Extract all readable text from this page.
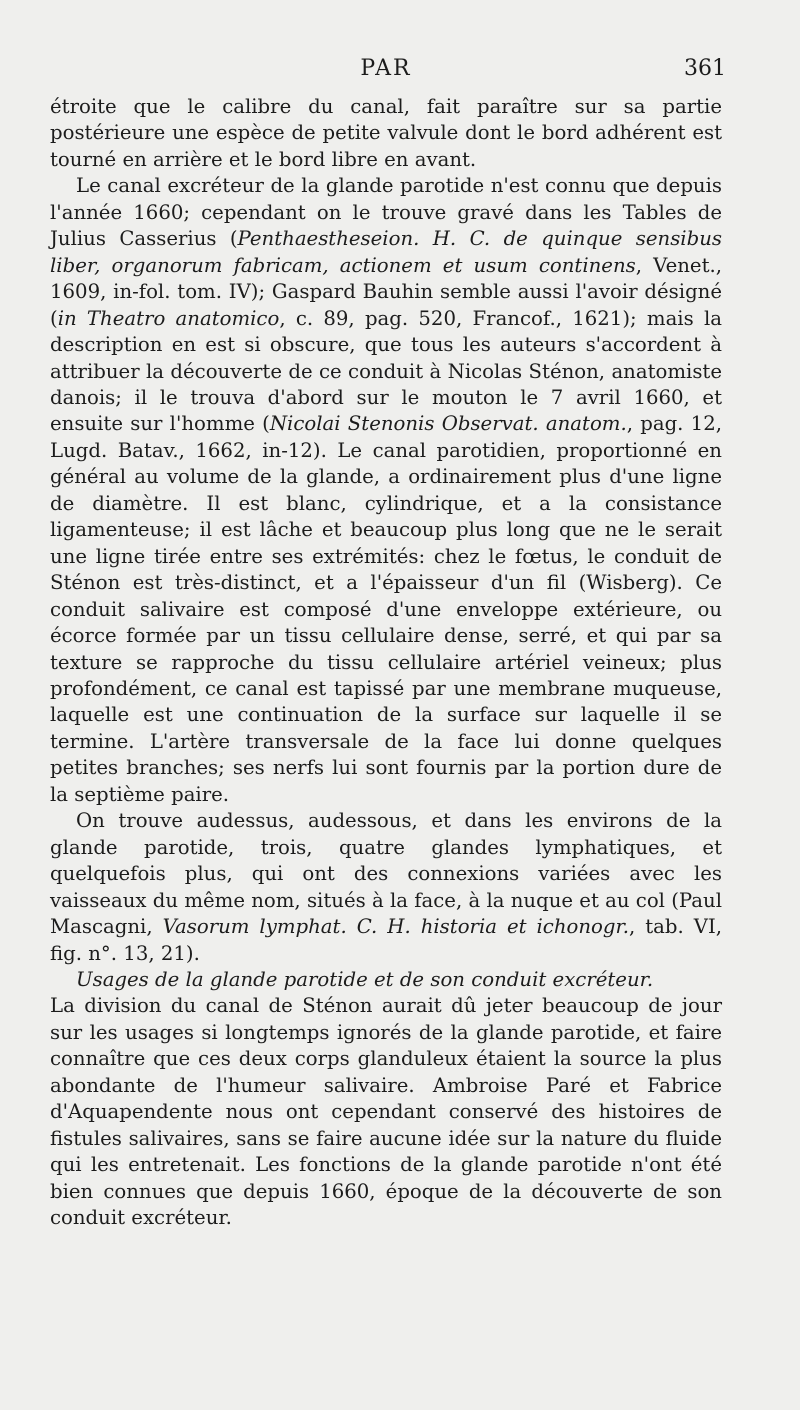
PAR	361

étroite que le calibre du canal, fait paraître sur sa partie postérieure une espèce de petite valvule dont le bord adhérent est tourné en arrière et le bord libre en avant.

Le canal excréteur de la glande parotide n'est connu que depuis l'année 1660; cependant on le trouve gravé dans les Tables de Julius Casserius (Penthaestheseion. H. C. de quinque sensibus liber, organorum fabricam, actionem et usum continens, Venet., 1609, in-fol. tom. IV); Gaspard Bauhin semble aussi l'avoir désigné (in Theatro anatomico, c. 89, pag. 520, Francof., 1621); mais la description en est si obscure, que tous les auteurs s'accordent à attribuer la découverte de ce conduit à Nicolas Sténon, anatomiste danois; il le trouva d'abord sur le mouton le 7 avril 1660, et ensuite sur l'homme (Nicolai Stenonis Observat. anatom., pag. 12, Lugd. Batav., 1662, in-12). Le canal parotidien, proportionné en général au volume de la glande, a ordinairement plus d'une ligne de diamètre. Il est blanc, cylindrique, et a la consistance ligamenteuse; il est lâche et beaucoup plus long que ne le serait une ligne tirée entre ses extrémités: chez le fœtus, le conduit de Sténon est très-distinct, et a l'épaisseur d'un fil (Wisberg). Ce conduit salivaire est composé d'une enveloppe extérieure, ou écorce formée par un tissu cellulaire dense, serré, et qui par sa texture se rapproche du tissu cellulaire artériel veineux; plus profondément, ce canal est tapissé par une membrane muqueuse, laquelle est une continuation de la surface sur laquelle il se termine. L'artère transversale de la face lui donne quelques petites branches; ses nerfs lui sont fournis par la portion dure de la septième paire.

On trouve audessus, audessous, et dans les environs de la glande parotide, trois, quatre glandes lymphatiques, et quelquefois plus, qui ont des connexions variées avec les vaisseaux du même nom, situés à la face, à la nuque et au col (Paul Mascagni, Vasorum lymphat. C. H. historia et ichonogr., tab. VI, fig. n°. 13, 21).

Usages de la glande parotide et de son conduit excréteur.

La division du canal de Sténon aurait dû jeter beaucoup de jour sur les usages si longtemps ignorés de la glande parotide, et faire connaître que ces deux corps glanduleux étaient la source la plus abondante de l'humeur salivaire. Ambroise Paré et Fabrice d'Aquapendente nous ont cependant conservé des histoires de fistules salivaires, sans se faire aucune idée sur la nature du fluide qui les entretenait. Les fonctions de la glande parotide n'ont été bien connues que depuis 1660, époque de la découverte de son conduit excréteur.
